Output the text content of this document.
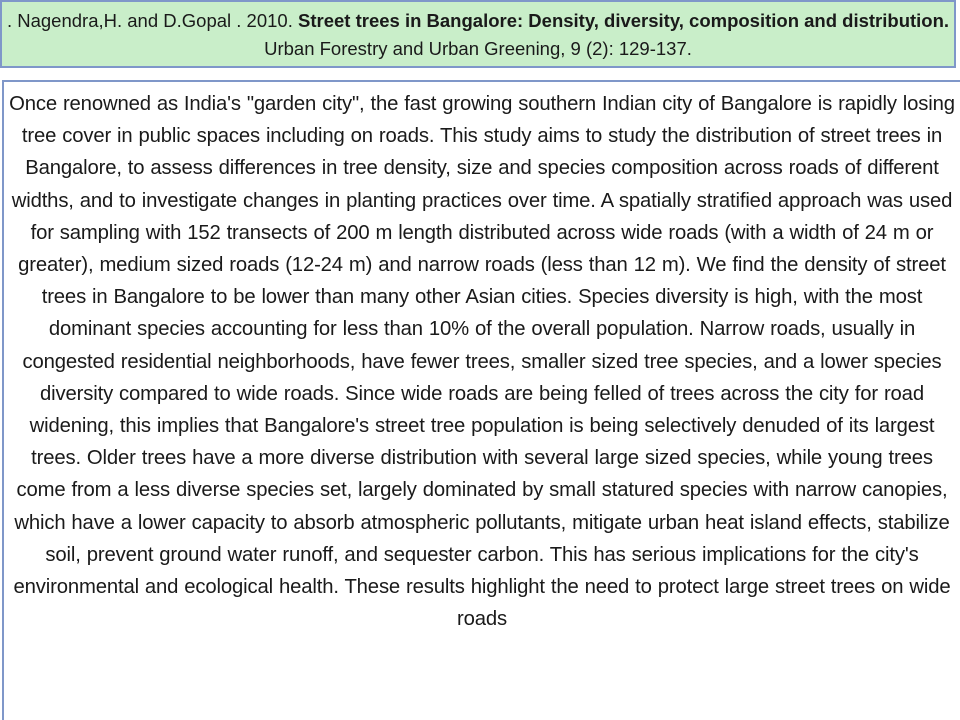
. Nagendra,H. and D.Gopal . 2010. Street trees in Bangalore: Density, diversity, composition and distribution. Urban Forestry and Urban Greening, 9 (2): 129-137.

Once renowned as India's "garden city", the fast growing southern Indian city of Bangalore is rapidly losing tree cover in public spaces including on roads. This study aims to study the distribution of street trees in Bangalore, to assess differences in tree density, size and species composition across roads of different widths, and to investigate changes in planting practices over time. A spatially stratified approach was used for sampling with 152 transects of 200 m length distributed across wide roads (with a width of 24 m or greater), medium sized roads (12-24 m) and narrow roads (less than 12 m). We find the density of street trees in Bangalore to be lower than many other Asian cities. Species diversity is high, with the most dominant species accounting for less than 10% of the overall population. Narrow roads, usually in congested residential neighborhoods, have fewer trees, smaller sized tree species, and a lower species diversity compared to wide roads. Since wide roads are being felled of trees across the city for road widening, this implies that Bangalore's street tree population is being selectively denuded of its largest trees. Older trees have a more diverse distribution with several large sized species, while young trees come from a less diverse species set, largely dominated by small statured species with narrow canopies, which have a lower capacity to absorb atmospheric pollutants, mitigate urban heat island effects, stabilize soil, prevent ground water runoff, and sequester carbon. This has serious implications for the city's environmental and ecological health. These results highlight the need to protect large street trees on wide roads
